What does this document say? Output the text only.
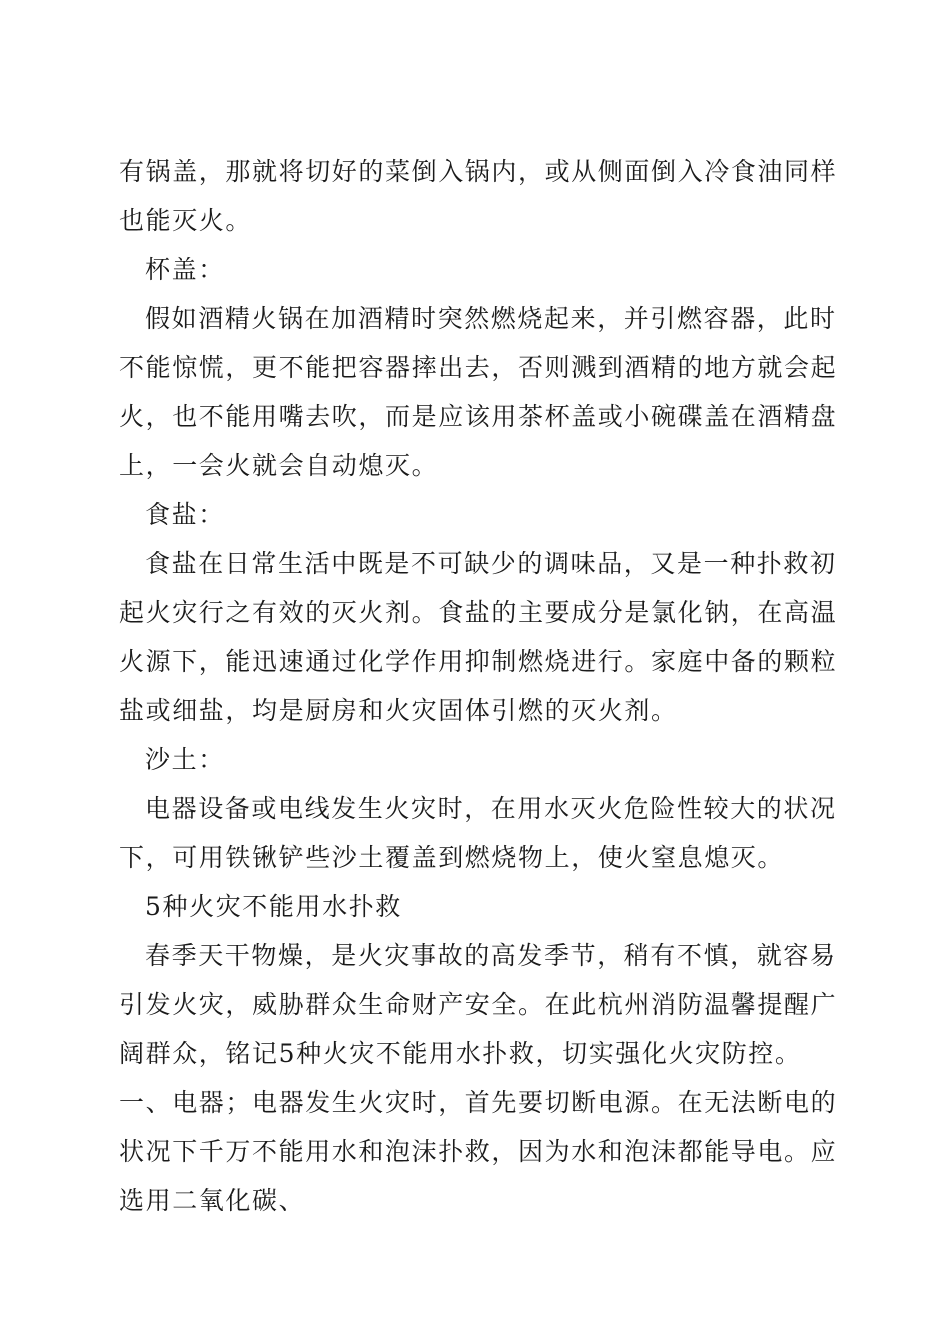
有锅盖，那就将切好的菜倒入锅内，或从侧面倒入冷食油同样也能灭火。

杯盖：

假如酒精火锅在加酒精时突然燃烧起来，并引燃容器，此时不能惊慌，更不能把容器摔出去，否则溅到酒精的地方就会起火，也不能用嘴去吹，而是应该用茶杯盖或小碗碟盖在酒精盘上，一会火就会自动熄灭。

食盐：

食盐在日常生活中既是不可缺少的调味品，又是一种扑救初起火灾行之有效的灭火剂。食盐的主要成分是氯化钠，在高温火源下，能迅速通过化学作用抑制燃烧进行。家庭中备的颗粒盐或细盐，均是厨房和火灾固体引燃的灭火剂。

沙土：

电器设备或电线发生火灾时，在用水灭火危险性较大的状况下，可用铁锹铲些沙土覆盖到燃烧物上，使火窒息熄灭。

5种火灾不能用水扑救

春季天干物燥，是火灾事故的高发季节，稍有不慎，就容易引发火灾，威胁群众生命财产安全。在此杭州消防温馨提醒广阔群众，铭记5种火灾不能用水扑救，切实强化火灾防控。一、电器；电器发生火灾时，首先要切断电源。在无法断电的状况下千万不能用水和泡沫扑救，因为水和泡沫都能导电。应选用二氧化碳、
